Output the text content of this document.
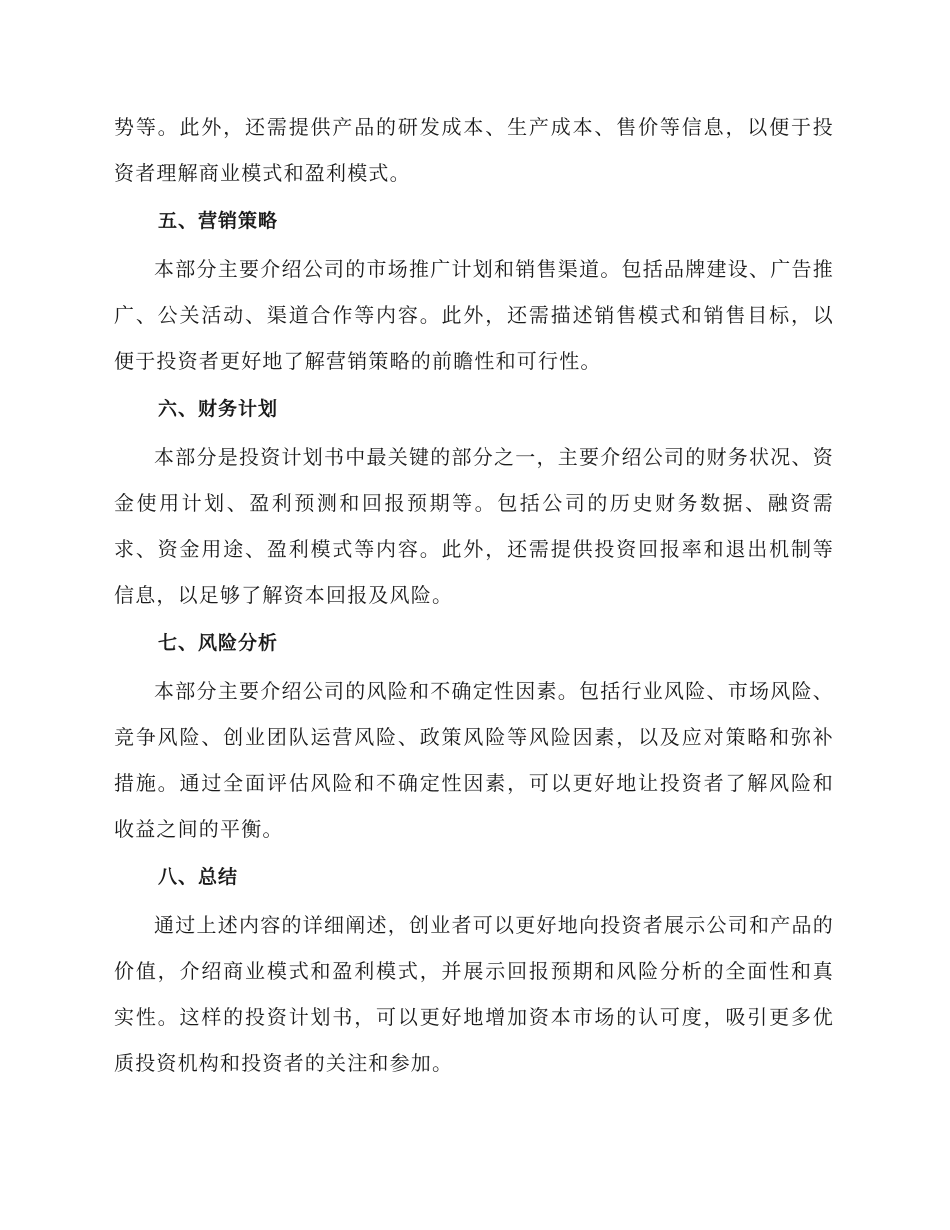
势等。此外，还需提供产品的研发成本、生产成本、售价等信息，以便于投资者理解商业模式和盈利模式。

五、营销策略

本部分主要介绍公司的市场推广计划和销售渠道。包括品牌建设、广告推广、公关活动、渠道合作等内容。此外，还需描述销售模式和销售目标，以便于投资者更好地了解营销策略的前瞻性和可行性。

六、财务计划

本部分是投资计划书中最关键的部分之一，主要介绍公司的财务状况、资金使用计划、盈利预测和回报预期等。包括公司的历史财务数据、融资需求、资金用途、盈利模式等内容。此外，还需提供投资回报率和退出机制等信息，以足够了解资本回报及风险。

七、风险分析

本部分主要介绍公司的风险和不确定性因素。包括行业风险、市场风险、竞争风险、创业团队运营风险、政策风险等风险因素，以及应对策略和弥补措施。通过全面评估风险和不确定性因素，可以更好地让投资者了解风险和收益之间的平衡。

八、总结

通过上述内容的详细阐述，创业者可以更好地向投资者展示公司和产品的价值，介绍商业模式和盈利模式，并展示回报预期和风险分析的全面性和真实性。这样的投资计划书，可以更好地增加资本市场的认可度，吸引更多优质投资机构和投资者的关注和参加。
